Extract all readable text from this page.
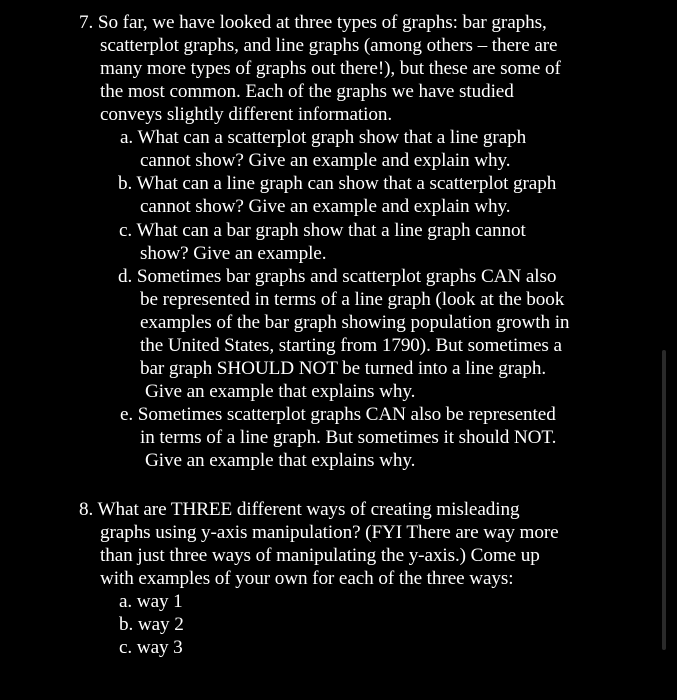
7. So far, we have looked at three types of graphs: bar graphs,
scatterplot graphs, and line graphs (among others – there are
many more types of graphs out there!), but these are some of
the most common. Each of the graphs we have studied
conveys slightly different information.
a. What can a scatterplot graph show that a line graph
cannot show? Give an example and explain why.
b. What can a line graph can show that a scatterplot graph
cannot show? Give an example and explain why.
c. What can a bar graph show that a line graph cannot
show? Give an example.
d. Sometimes bar graphs and scatterplot graphs CAN also
be represented in terms of a line graph (look at the book
examples of the bar graph showing population growth in
the United States, starting from 1790). But sometimes a
bar graph SHOULD NOT be turned into a line graph.
Give an example that explains why.
e. Sometimes scatterplot graphs CAN also be represented
in terms of a line graph. But sometimes it should NOT.
Give an example that explains why.
8. What are THREE different ways of creating misleading
graphs using y-axis manipulation? (FYI There are way more
than just three ways of manipulating the y-axis.) Come up
with examples of your own for each of the three ways:
a. way 1
b. way 2
c. way 3
